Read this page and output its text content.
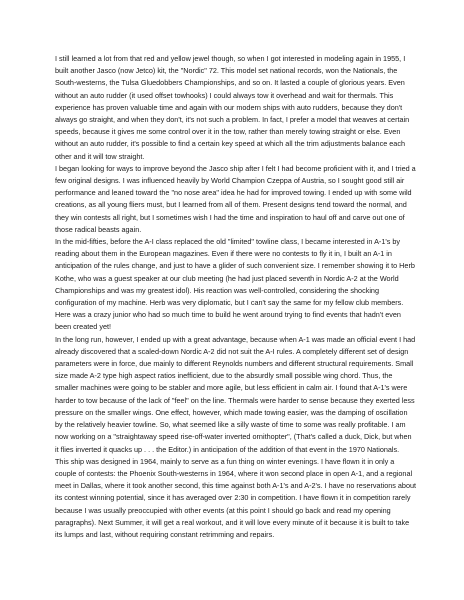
I still learned a lot from that red and yellow jewel though, so when I got interested in modeling again in 1955, I built another Jasco (now Jetco) kit, the "Nordic" 72. This model set national records, won the Nationals, the South-westerns, the Tulsa Gluedobbers Championships, and so on. It lasted a couple of glorious years. Even without an auto rudder (it used offset towhooks) I could always tow it overhead and wait for thermals. This experience has proven valuable time and again with our modern ships with auto rudders, because they don't always go straight, and when they don't, it's not such a problem. In fact, I prefer a model that weaves at certain speeds, because it gives me some control over it in the tow, rather than merely towing straight or else. Even without an auto rudder, it's possible to find a certain key speed at which all the trim adjustments balance each other and it will tow straight.

I began looking for ways to improve beyond the Jasco ship after I felt I had become proficient with it, and I tried a few original designs. I was influenced heavily by World Champion Czeppa of Austria, so I sought good still air performance and leaned toward the "no nose area" idea he had for improved towing. I ended up with some wild creations, as all young fliers must, but I learned from all of them. Present designs tend toward the normal, and they win contests all right, but I sometimes wish I had the time and inspiration to haul off and carve out one of those radical beasts again.

In the mid-fifties, before the A-I class replaced the old "limited" towline class, I became interested in A-1's by reading about them in the European magazines. Even if there were no contests to fly it in, I built an A-1 in anticipation of the rules change, and just to have a glider of such convenient size. I remember showing it to Herb Kothe, who was a guest speaker at our club meeting (he had just placed seventh in Nordic A-2 at the World Championships and was my greatest idol). His reaction was well-controlled, considering the shocking configuration of my machine. Herb was very diplomatic, but I can't say the same for my fellow club members. Here was a crazy junior who had so much time to build he went around trying to find events that hadn't even been created yet!

In the long run, however, I ended up with a great advantage, because when A-1 was made an official event I had already discovered that a scaled-down Nordic A-2 did not suit the A-I rules. A completely different set of design parameters were in force, due mainly to different Reynolds numbers and different structural requirements. Small size made A-2 type high aspect ratios inefficient, due to the absurdly small possible wing chord. Thus, the smaller machines were going to be stabler and more agile, but less efficient in calm air. I found that A-1's were harder to tow because of the lack of "feel" on the line. Thermals were harder to sense because they exerted less pressure on the smaller wings. One effect, however, which made towing easier, was the damping of oscillation by the relatively heavier towline. So, what seemed like a silly waste of time to some was really profitable. I am now working on a "straightaway speed rise-off-water inverted ornithopter", (That's called a duck, Dick, but when it flies inverted it quacks up . . . the Editor.) in anticipation of the addition of that event in the 1970 Nationals.

This ship was designed in 1964, mainly to serve as a fun thing on winter evenings. I have flown it in only a couple of contests: the Phoenix South-westerns in 1964, where it won second place in open A-1, and a regional meet in Dallas, where it took another second, this time against both A-1's and A-2's. I have no reservations about its contest winning potential, since it has averaged over 2:30 in competition. I have flown it in competition rarely because I was usually preoccupied with other events (at this point I should go back and read my opening paragraphs). Next Summer, it will get a real workout, and it will love every minute of it because it is built to take its lumps and last, without requiring constant retrimming and repairs.
